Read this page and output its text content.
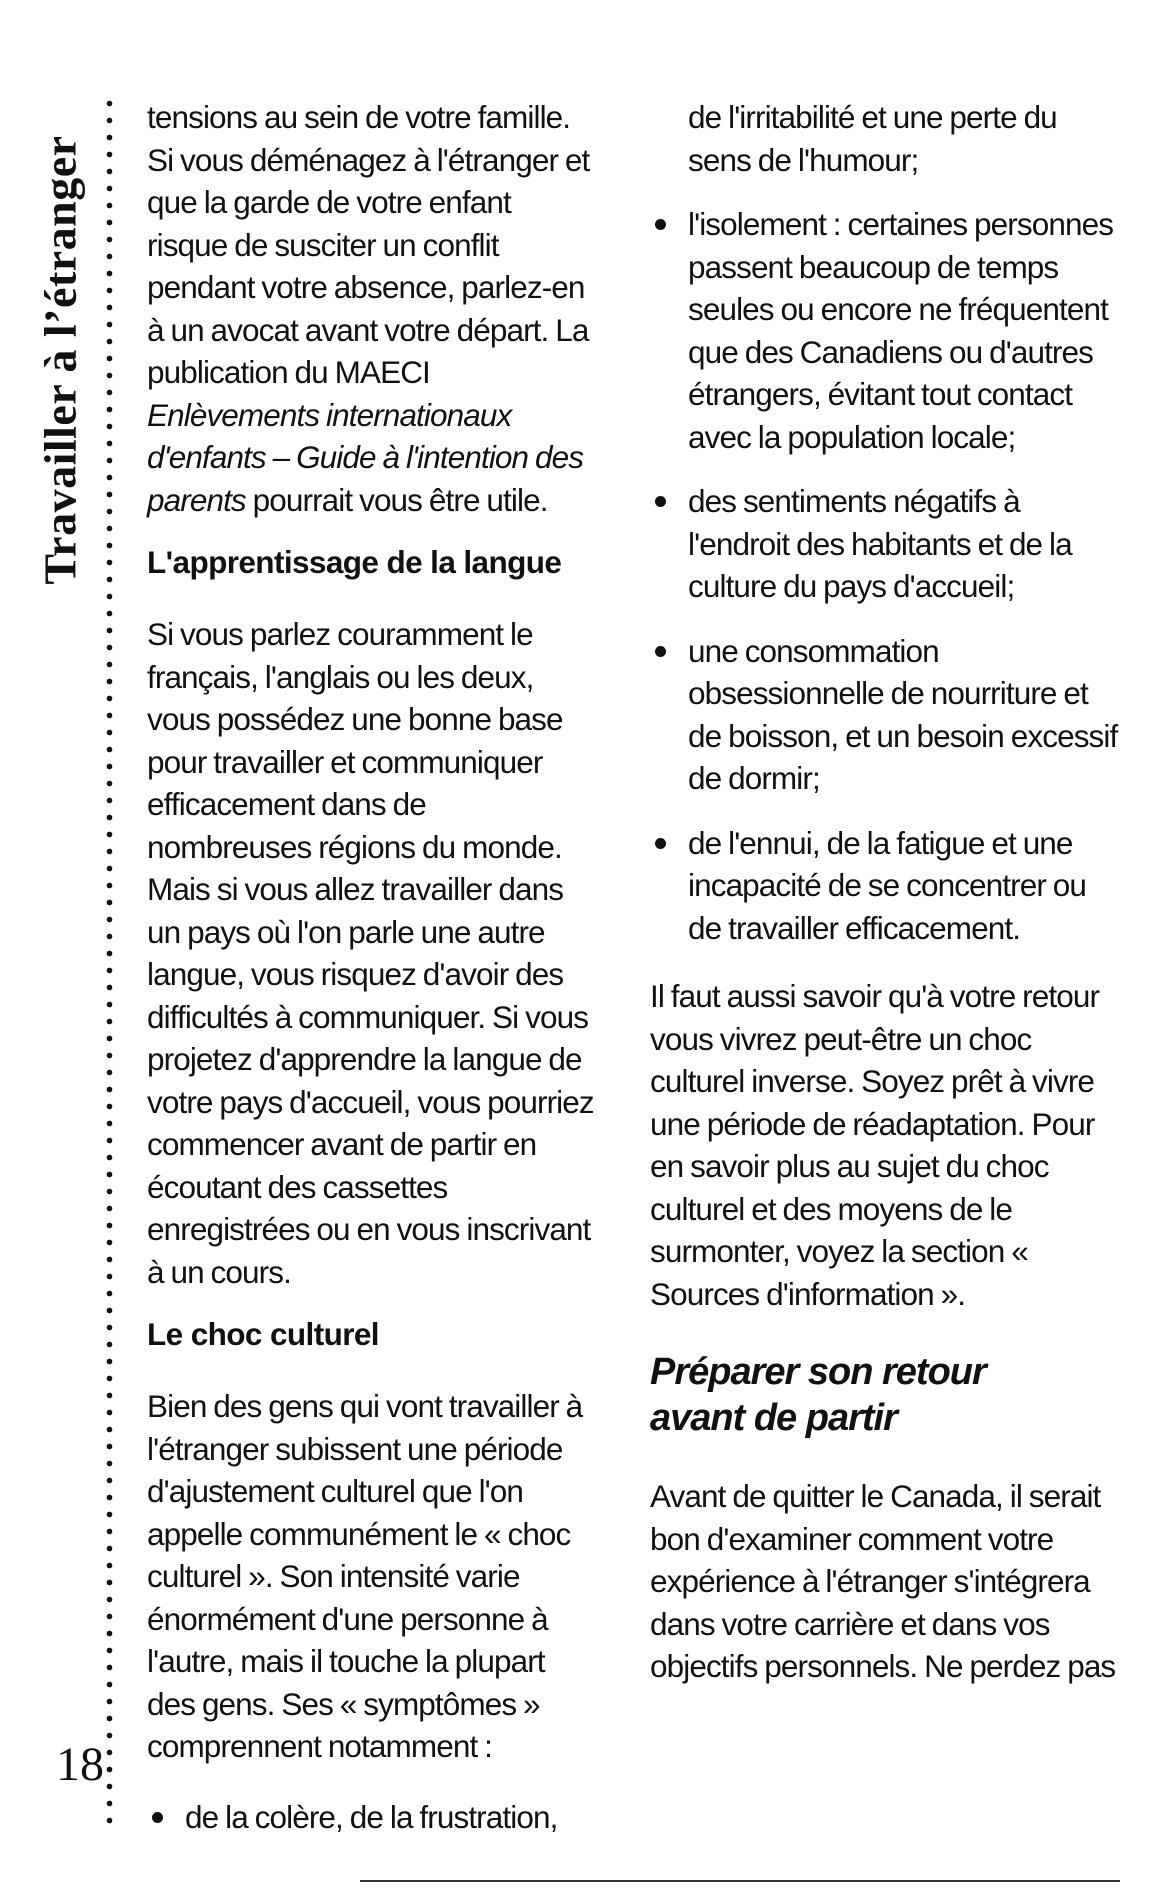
Travailler à l’étranger
18

tensions au sein de votre famille. Si vous déménagez à l'étranger et que la garde de votre enfant risque de susciter un conflit pendant votre absence, parlez-en à un avocat avant votre départ. La publication du MAECI Enlèvements internationaux d'enfants – Guide à l'intention des parents pourrait vous être utile.

L'apprentissage de la langue

Si vous parlez couramment le français, l'anglais ou les deux, vous possédez une bonne base pour travailler et communiquer efficacement dans de nombreuses régions du monde. Mais si vous allez travailler dans un pays où l'on parle une autre langue, vous risquez d'avoir des difficultés à communiquer. Si vous projetez d'apprendre la langue de votre pays d'accueil, vous pourriez commencer avant de partir en écoutant des cassettes enregistrées ou en vous inscrivant à un cours.

Le choc culturel

Bien des gens qui vont travailler à l'étranger subissent une période d'ajustement culturel que l'on appelle communément le « choc culturel ». Son intensité varie énormément d'une personne à l'autre, mais il touche la plupart des gens. Ses « symptômes » comprennent notamment :

de la colère, de la frustration,

de l'irritabilité et une perte du sens de l'humour;

l'isolement : certaines personnes passent beaucoup de temps seules ou encore ne fréquentent que des Canadiens ou d'autres étrangers, évitant tout contact avec la population locale;
des sentiments négatifs à l'endroit des habitants et de la culture du pays d'accueil;
une consommation obsessionnelle de nourriture et de boisson, et un besoin excessif de dormir;
de l'ennui, de la fatigue et une incapacité de se concentrer ou de travailler efficacement.

Il faut aussi savoir qu'à votre retour vous vivrez peut-être un choc culturel inverse. Soyez prêt à vivre une période de réadaptation. Pour en savoir plus au sujet du choc culturel et des moyens de le surmonter, voyez la section « Sources d'information ».

Préparer son retour
avant de partir

Avant de quitter le Canada, il serait bon d'examiner comment votre expérience à l'étranger s'intégrera dans votre carrière et dans vos objectifs personnels. Ne perdez pas
